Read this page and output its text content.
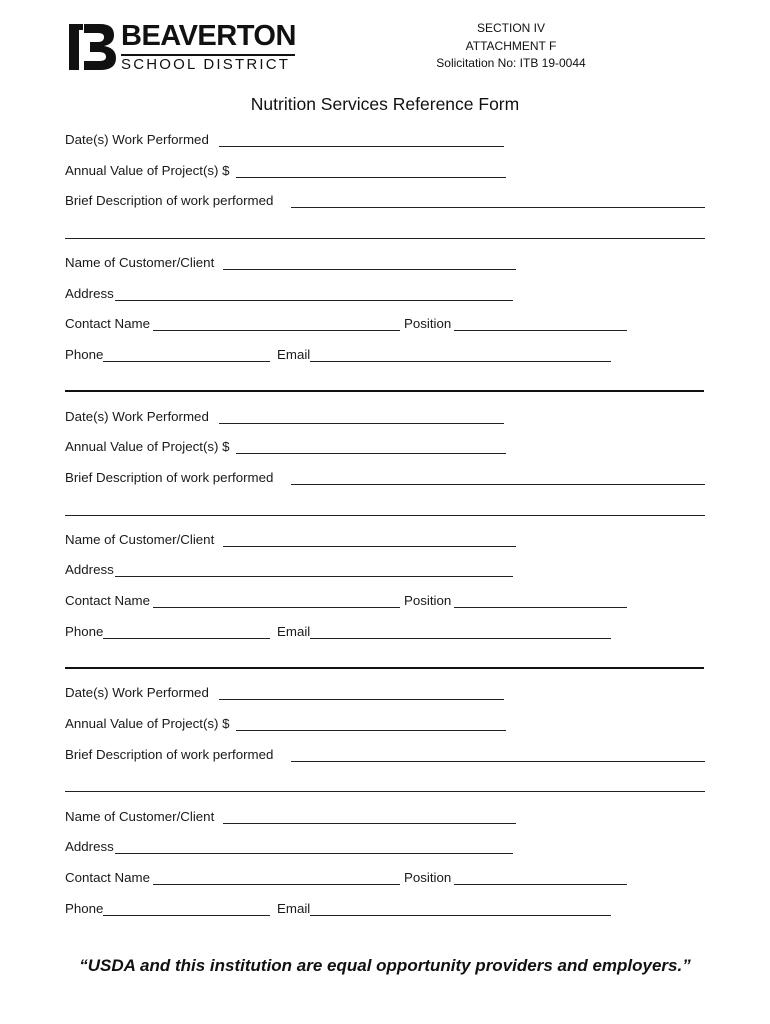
BEAVERTON
SCHOOL DISTRICT
SECTION IV
ATTACHMENT F
Solicitation No: ITB 19-0044
Nutrition Services Reference Form
Date(s) Work Performed
Annual Value of Project(s) $
Brief Description of work performed
Name of Customer/Client
Address
Contact Name	Position
Phone	Email
Date(s) Work Performed
Annual Value of Project(s) $
Brief Description of work performed
Name of Customer/Client
Address
Contact Name	Position
Phone	Email
Date(s) Work Performed
Annual Value of Project(s) $
Brief Description of work performed
Name of Customer/Client
Address
Contact Name	Position
Phone	Email
“USDA and this institution are equal opportunity providers and employers.”
